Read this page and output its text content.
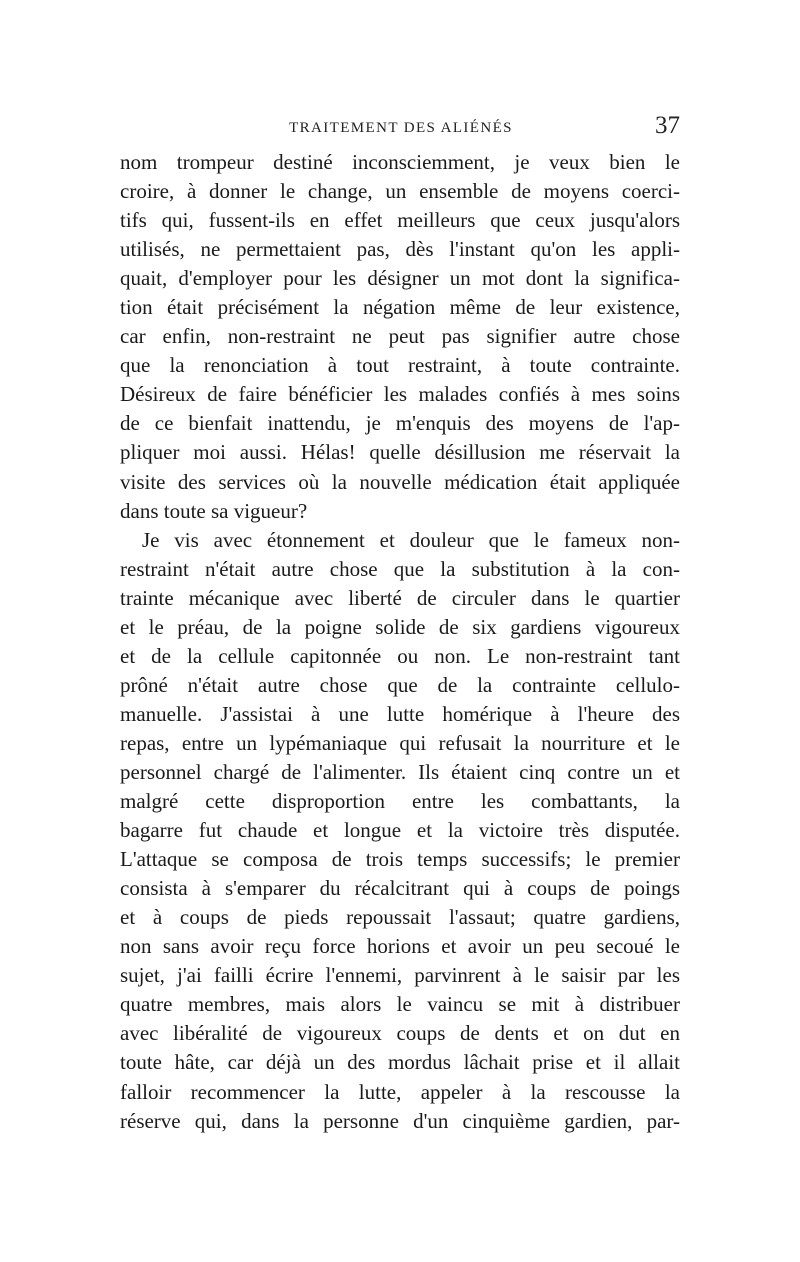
TRAITEMENT DES ALIÉNÉS	37
nom trompeur destiné inconsciemment, je veux bien le
croire, à donner le change, un ensemble de moyens coerci-
tifs qui, fussent-ils en effet meilleurs que ceux jusqu'alors
utilisés, ne permettaient pas, dès l'instant qu'on les appli-
quait, d'employer pour les désigner un mot dont la significa-
tion était précisément la négation même de leur existence,
car enfin, non-restraint ne peut pas signifier autre chose
que la renonciation à tout restraint, à toute contrainte.
Désireux de faire bénéficier les malades confiés à mes soins
de ce bienfait inattendu, je m'enquis des moyens de l'ap-
pliquer moi aussi. Hélas! quelle désillusion me réservait la
visite des services où la nouvelle médication était appliquée
dans toute sa vigueur?
Je vis avec étonnement et douleur que le fameux non-
restraint n'était autre chose que la substitution à la con-
trainte mécanique avec liberté de circuler dans le quartier
et le préau, de la poigne solide de six gardiens vigoureux
et de la cellule capitonnée ou non. Le non-restraint tant
prôné n'était autre chose que de la contrainte cellulo-
manuelle. J'assistai à une lutte homérique à l'heure des
repas, entre un lypémaniaque qui refusait la nourriture et le
personnel chargé de l'alimenter. Ils étaient cinq contre un et
malgré cette disproportion entre les combattants, la
bagarre fut chaude et longue et la victoire très disputée.
L'attaque se composa de trois temps successifs; le premier
consista à s'emparer du récalcitrant qui à coups de poings
et à coups de pieds repoussait l'assaut; quatre gardiens,
non sans avoir reçu force horions et avoir un peu secoué le
sujet, j'ai failli écrire l'ennemi, parvinrent à le saisir par les
quatre membres, mais alors le vaincu se mit à distribuer
avec libéralité de vigoureux coups de dents et on dut en
toute hâte, car déjà un des mordus lâchait prise et il allait
falloir recommencer la lutte, appeler à la rescousse la
réserve qui, dans la personne d'un cinquième gardien, par-
